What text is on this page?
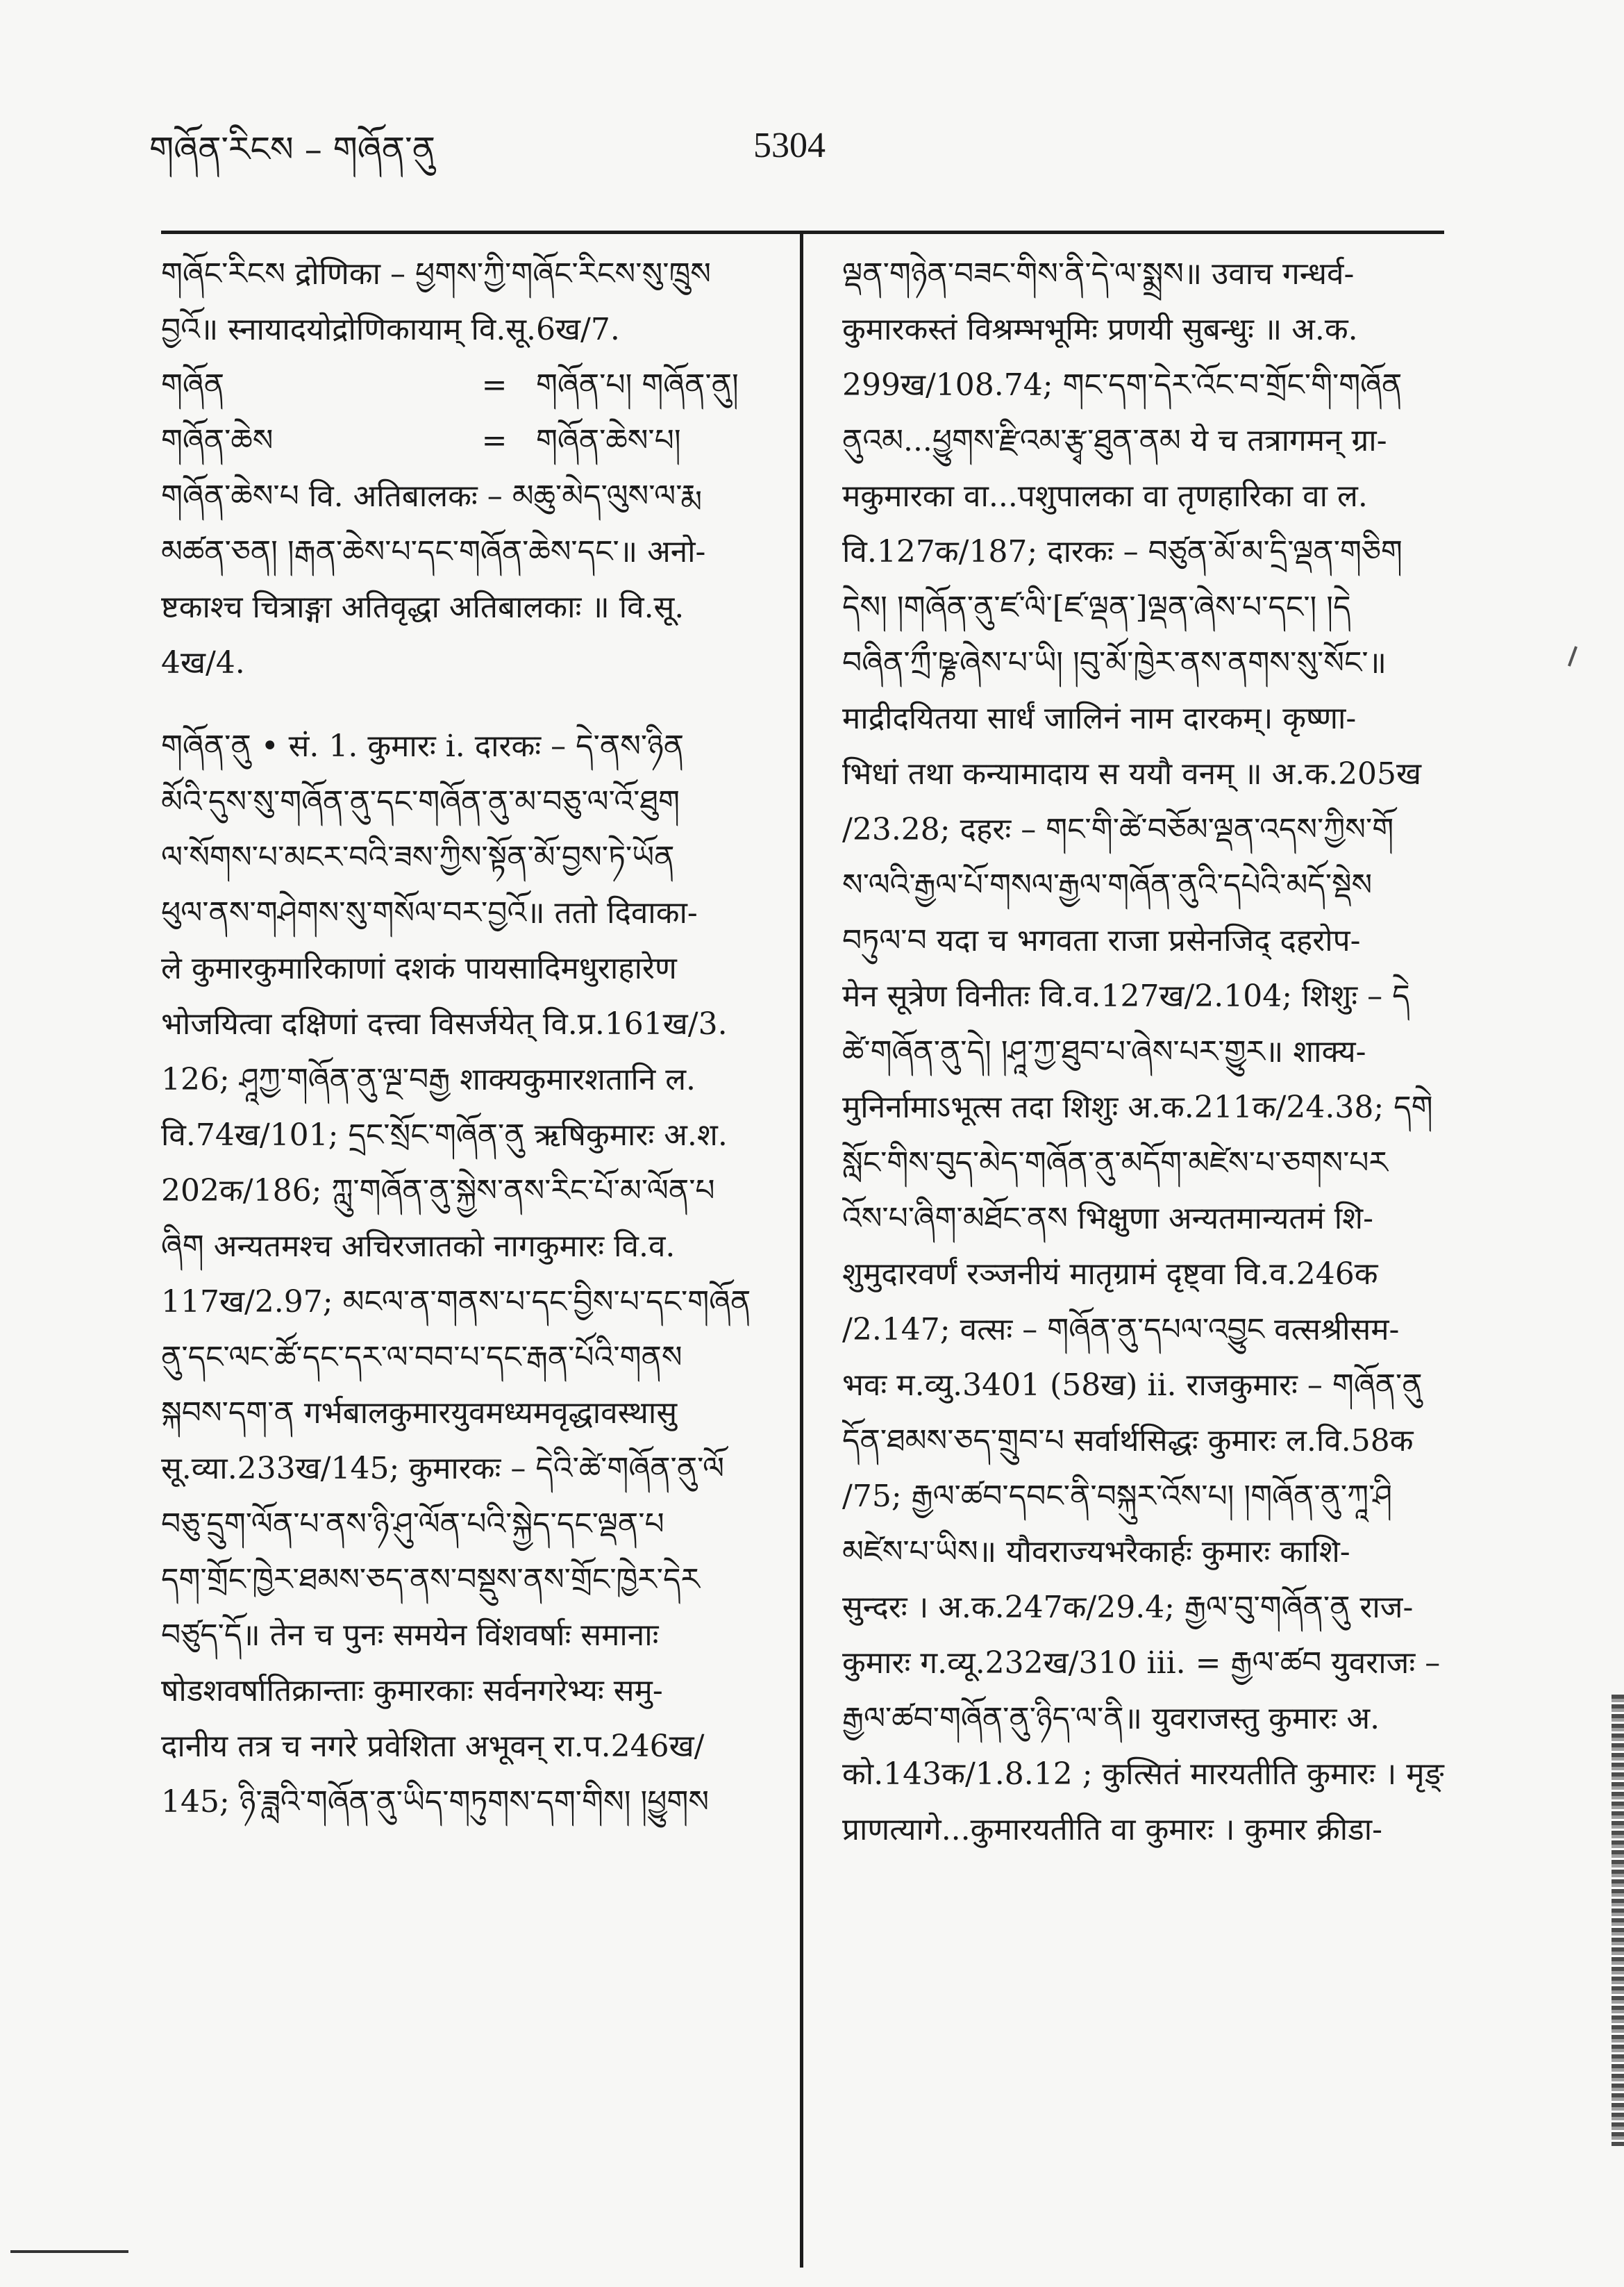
གཞོན་རིངས – གཞོན་ནུ	5304
གཞོང་རིངས द्रोणिका – ཕྱགས་ཀྱི་གཞོང་རིངས་སུ་ཁྲུས
བྱའོ॥ स्नायादयोद्रोणिकायाम् वि.सू.6ख/7.
གཞོན	= གཞོན་པ། གཞོན་ནུ།
གཞོན་ཆེས	= གཞོན་ཆེས་པ།
གཞོན་ཆེས་པ वि. अतिबालकः – མཆུ་མེད་ལུས་ལ་རྨ
མཚན་ཅན། །རྒན་ཆེས་པ་དང་གཞོན་ཆེས་དང་॥ अनो-
ष्टकाश्च चित्राङ्गा अतिवृद्धा अतिबालकाः ॥ वि.सू.
4ख/4.
གཞོན་ནུ • सं. 1. कुमारः i. दारकः – དེ་ནས་ཉིན
མོའི་དུས་སུ་གཞོན་ནུ་དང་གཞོན་ནུ་མ་བཅུ་ལ་འོ་ཐུག
ལ་སོགས་པ་མངར་བའི་ཟས་ཀྱིས་སྟོན་མོ་བྱས་ཏེ་ཡོན
ཕུལ་ནས་གཤེགས་སུ་གསོལ་བར་བྱའོ॥ ततो दिवाका-
ले कुमारकुमारिकाणां दशकं पायसादिमधुराहारेण
भोजयित्वा दक्षिणां दत्त्वा विसर्जयेत् वि.प्र.161ख/3.
126; ཤཱཀྱ་གཞོན་ནུ་ལྔ་བརྒྱ शाक्यकुमारशतानि ल.
वि.74ख/101; དྲང་སྲོང་གཞོན་ནུ ऋषिकुमारः अ.श.
202क/186; ཀླུ་གཞོན་ནུ་སྐྱེས་ནས་རིང་པོ་མ་ལོན་པ
ཞིག अन्यतमश्च अचिरजातको नागकुमारः वि.व.
117ख/2.97; མངལ་ན་གནས་པ་དང་བྱིས་པ་དང་གཞོན
ནུ་དང་ལང་ཚོ་དང་དར་ལ་བབ་པ་དང་རྒན་པོའི་གནས
སྐབས་དག་ན गर्भबालकुमारयुवमध्यमवृद्धावस्थासु
सू.व्या.233ख/145; कुमारकः – དེའི་ཚེ་གཞོན་ནུ་ལོ
བཅུ་དྲུག་ལོན་པ་ནས་ཉི་ཤུ་ལོན་པའི་སྐྱེད་དང་ལྡན་པ
དག་གྲོང་ཁྱེར་ཐམས་ཅད་ནས་བསྡུས་ནས་གྲོང་ཁྱེར་དེར
བཙུད་དོ॥ तेन च पुनः समयेन विंशवर्षाः समानाः
षोडशवर्षातिक्रान्ताः कुमारकाः सर्वनगरेभ्यः समु-
दानीय तत्र च नगरे प्रवेशिता अभूवन् रा.प.246ख/
145; ཉི་ཟླའི་གཞོན་ནུ་ཡིད་གཏུགས་དག་གིས། །ཕྱུགས
ལྡན་གཉེན་བཟང་གིས་ནི་དེ་ལ་སྨྲས॥ उवाच गन्धर्व-
कुमारकस्तं विश्रम्भभूमिः प्रणयी सुबन्धुः ॥ अ.क.
299ख/108.74; གང་དག་དེར་འོང་བ་གྲོང་གི་གཞོན
ནུའམ...ཕྱུགས་རྫིའམ་རྩྭ་ཐུན་ནམ ये च तत्रागमन् ग्रा-
मकुमारका वा...पशुपालका वा तृणहारिका वा ल.
वि.127क/187; दारकः – བཙུན་མོ་མ་དྲི་ལྡན་གཅིག
དེས། །གཞོན་ནུ་ཛ་ལི་[ཛ་ལྡན་]ལྡན་ཞེས་པ་དང་། །དེ
བཞིན་ཀྲྀ་ཥྞ་ཞེས་པ་ཡི། །བུ་མོ་ཁྱེར་ནས་ནགས་སུ་སོང་॥
माद्रीदयितया सार्धं जालिनं नाम दारकम्। कृष्णा-
भिधां तथा कन्यामादाय स ययौ वनम् ॥ अ.क.205ख
/23.28; दहरः – གང་གི་ཚེ་བཅོམ་ལྡན་འདས་ཀྱིས་གོ
ས་ལའི་རྒྱལ་པོ་གསལ་རྒྱལ་གཞོན་ནུའི་དཔེའི་མདོ་སྡེས
བཏུལ་བ यदा च भगवता राजा प्रसेनजिद् दहरोप-
मेन सूत्रेण विनीतः वि.व.127ख/2.104; शिशुः – དེ
ཚེ་གཞོན་ནུ་དེ། །ཤཱ་ཀྱ་ཐུབ་པ་ཞེས་པར་གྱུར॥ शाक्य-
मुनिर्नामाऽभूत्स तदा शिशुः अ.क.211क/24.38; དགེ
སློང་གིས་བུད་མེད་གཞོན་ནུ་མདོག་མཛེས་པ་ཅགས་པར
འོས་པ་ཞིག་མཐོང་ནས भिक्षुणा अन्यतमान्यतमं शि-
शुमुदारवर्णं रञ्जनीयं मातृग्रामं दृष्ट्वा वि.व.246क
/2.147; वत्सः – གཞོན་ནུ་དཔལ་འབྱུང वत्सश्रीसम-
भवः म.व्यु.3401 (58ख) ii. राजकुमारः – གཞོན་ནུ
དོན་ཐམས་ཅད་གྲུབ་པ सर्वार्थसिद्धः कुमारः ल.वि.58क
/75; རྒྱལ་ཚབ་དབང་ནི་བསྐུར་འོས་པ། །གཞོན་ནུ་ཀཱ་ཤི
མཛེས་པ་ཡིས॥ यौवराज्यभरैकार्हः कुमारः काशि-
सुन्दरः । अ.क.247क/29.4; རྒྱལ་བུ་གཞོན་ནུ राज-
कुमारः ग.व्यू.232ख/310 iii. = རྒྱལ་ཚབ युवराजः –
རྒྱལ་ཚབ་གཞོན་ནུ་ཉིད་ལ་ནི॥ युवराजस्तु कुमारः अ.
को.143क/1.8.12 ; कुत्सितं मारयतीति कुमारः । मृङ्
प्राणत्यागे...कुमारयतीति वा कुमारः । कुमार क्रीडा-
